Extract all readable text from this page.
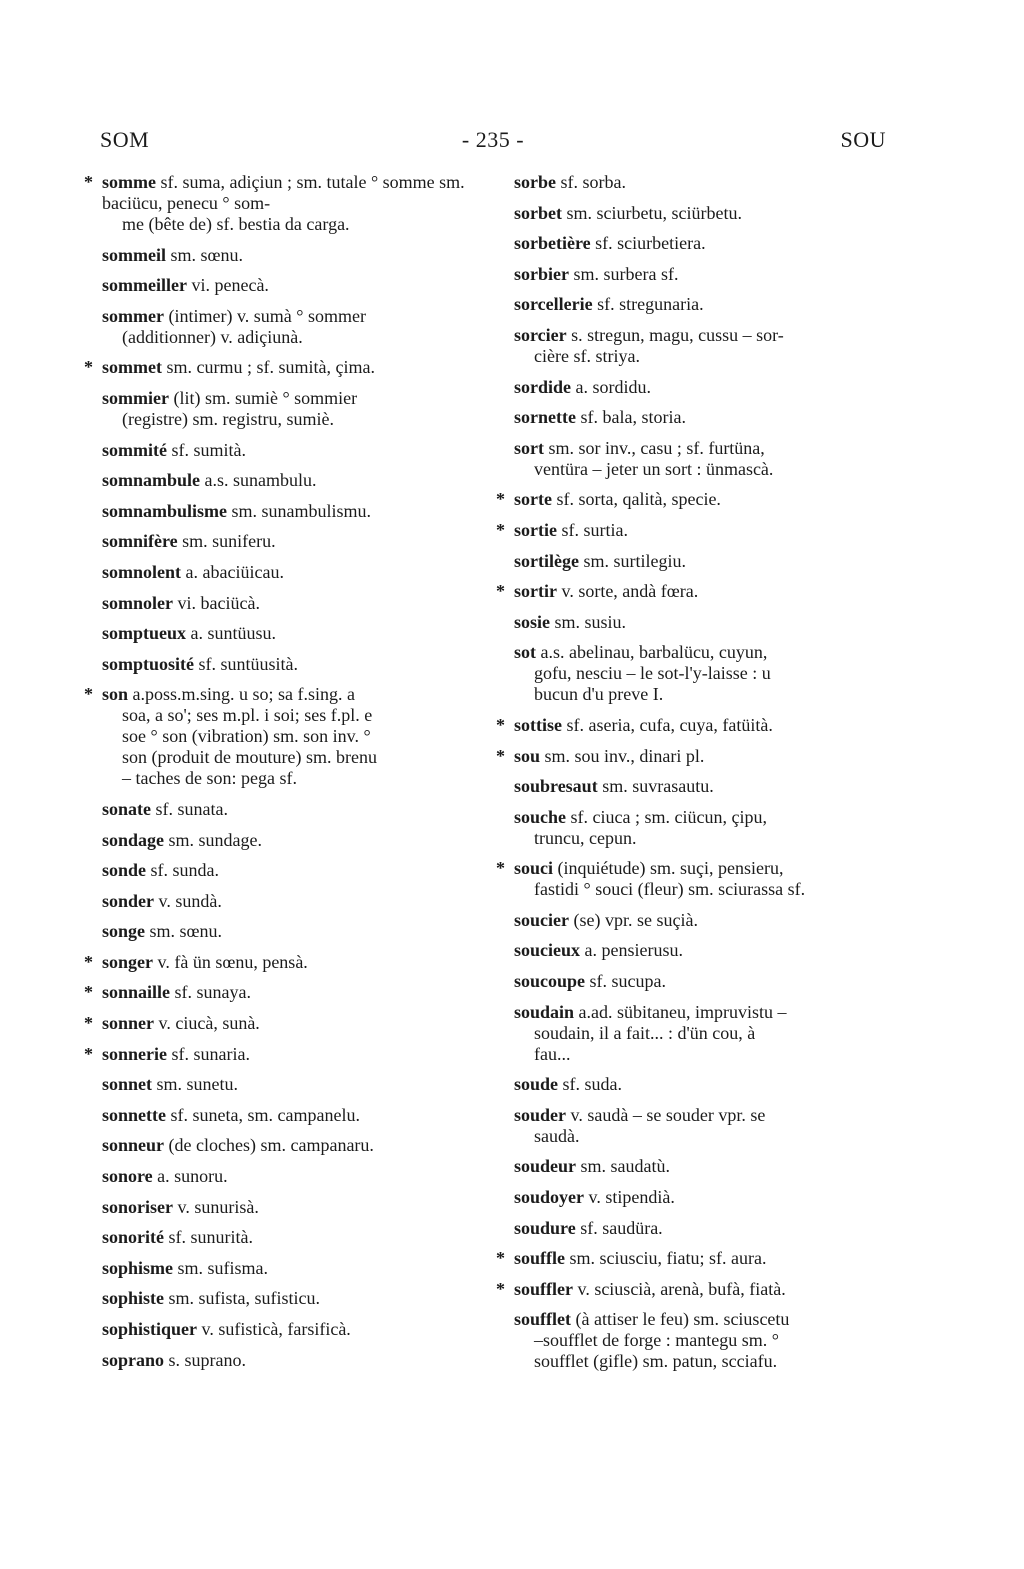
SOM	- 235 -	SOU
* somme sf. suma, adiçiun ; sm. tutale ° somme sm. baciücu, penecu ° som-
me (bête de) sf. bestia da carga.
sommeil sm. sœnu.
sommeiller vi. penecà.
sommer (intimer) v. sumà ° sommer
(additionner) v. adiçiunà.
* sommet sm. curmu ; sf. sumità, çima.
sommier (lit) sm. sumiè ° sommier
(registre) sm. registru, sumiè.
sommité sf. sumità.
somnambule a.s. sunambulu.
somnambulisme sm. sunambulismu.
somnifère sm. suniferu.
somnolent a. abaciüicau.
somnoler vi. baciücà.
somptueux a. suntüusu.
somptuosité sf. suntüusità.
* son a.poss.m.sing. u so; sa f.sing. a
soa, a so'; ses m.pl. i soi; ses f.pl. e
soe ° son (vibration) sm. son inv. °
son (produit de mouture) sm. brenu
– taches de son: pega sf.
sonate sf. sunata.
sondage sm. sundage.
sonde sf. sunda.
sonder v. sundà.
songe sm. sœnu.
* songer v. fà ün sœnu, pensà.
* sonnaille sf. sunaya.
* sonner v. ciucà, sunà.
* sonnerie sf. sunaria.
sonnet sm. sunetu.
sonnette sf. suneta, sm. campanelu.
sonneur (de cloches) sm. campanaru.
sonore a. sunoru.
sonoriser v. sunurisà.
sonorité sf. sunurità.
sophisme sm. sufisma.
sophiste sm. sufista, sufisticu.
sophistiquer v. sufisticà, farsificà.
soprano s. suprano.
sorbe sf. sorba.
sorbet sm. sciurbetu, sciürbetu.
sorbetière sf. sciurbetiera.
sorbier sm. surbera sf.
sorcellerie sf. stregunaria.
sorcier s. stregun, magu, cussu – sor-
cière sf. striya.
sordide a. sordidu.
sornette sf. bala, storia.
sort sm. sor inv., casu ; sf. furtüna,
ventüra – jeter un sort : ünmascà.
* sorte sf. sorta, qalità, specie.
* sortie sf. surtia.
sortilège sm. surtilegiu.
* sortir v. sorte, andà fœra.
sosie sm. susiu.
sot a.s. abelinau, barbalücu, cuyun,
gofu, nesciu – le sot-l'y-laisse : u
bucun d'u preve I.
* sottise sf. aseria, cufa, cuya, fatüità.
* sou sm. sou inv., dinari pl.
soubresaut sm. suvrasautu.
souche sf. ciuca ; sm. ciücun, çipu,
truncu, cepun.
* souci (inquiétude) sm. suçi, pensieru,
fastidi ° souci (fleur) sm. sciurassa sf.
soucier (se) vpr. se suçià.
soucieux a. pensierusu.
soucoupe sf. sucupa.
soudain a.ad. sübitaneu, impruvistu –
soudain, il a fait... : d'ün cou, à
fau...
soude sf. suda.
souder v. saudà – se souder vpr. se
saudà.
soudeur sm. saudatù.
soudoyer v. stipendià.
soudure sf. saudüra.
* souffle sm. sciusciu, fiatu; sf. aura.
* souffler v. sciuscià, arenà, bufà, fiatà.
soufflet (à attiser le feu) sm. sciuscetu
–soufflet de forge : mantegu sm. °
soufflet (gifle) sm. patun, scciafu.
